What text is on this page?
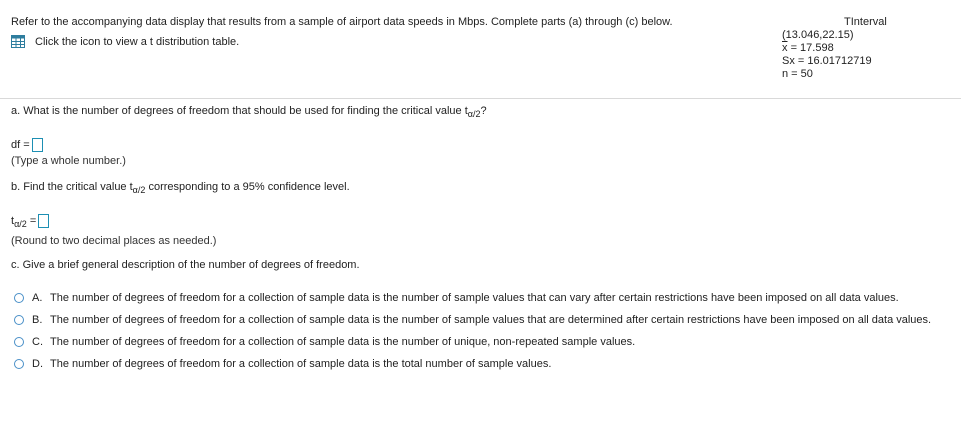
Refer to the accompanying data display that results from a sample of airport data speeds in Mbps. Complete parts (a) through (c) below.
Click the icon to view a t distribution table.
TInterval
(13.046,22.15)
$\overline{x} = 17.598$
Sx = 16.01712719
n = 50
a. What is the number of degrees of freedom that should be used for finding the critical value $t_{\alpha/2}$?
df =
(Type a whole number.)
b. Find the critical value $t_{\alpha/2}$ corresponding to a 95% confidence level.
$t_{\alpha/2}$ =
(Round to two decimal places as needed.)
c. Give a brief general description of the number of degrees of freedom.
A. The number of degrees of freedom for a collection of sample data is the number of sample values that can vary after certain restrictions have been imposed on all data values.
B. The number of degrees of freedom for a collection of sample data is the number of sample values that are determined after certain restrictions have been imposed on all data values.
C. The number of degrees of freedom for a collection of sample data is the number of unique, non-repeated sample values.
D. The number of degrees of freedom for a collection of sample data is the total number of sample values.
